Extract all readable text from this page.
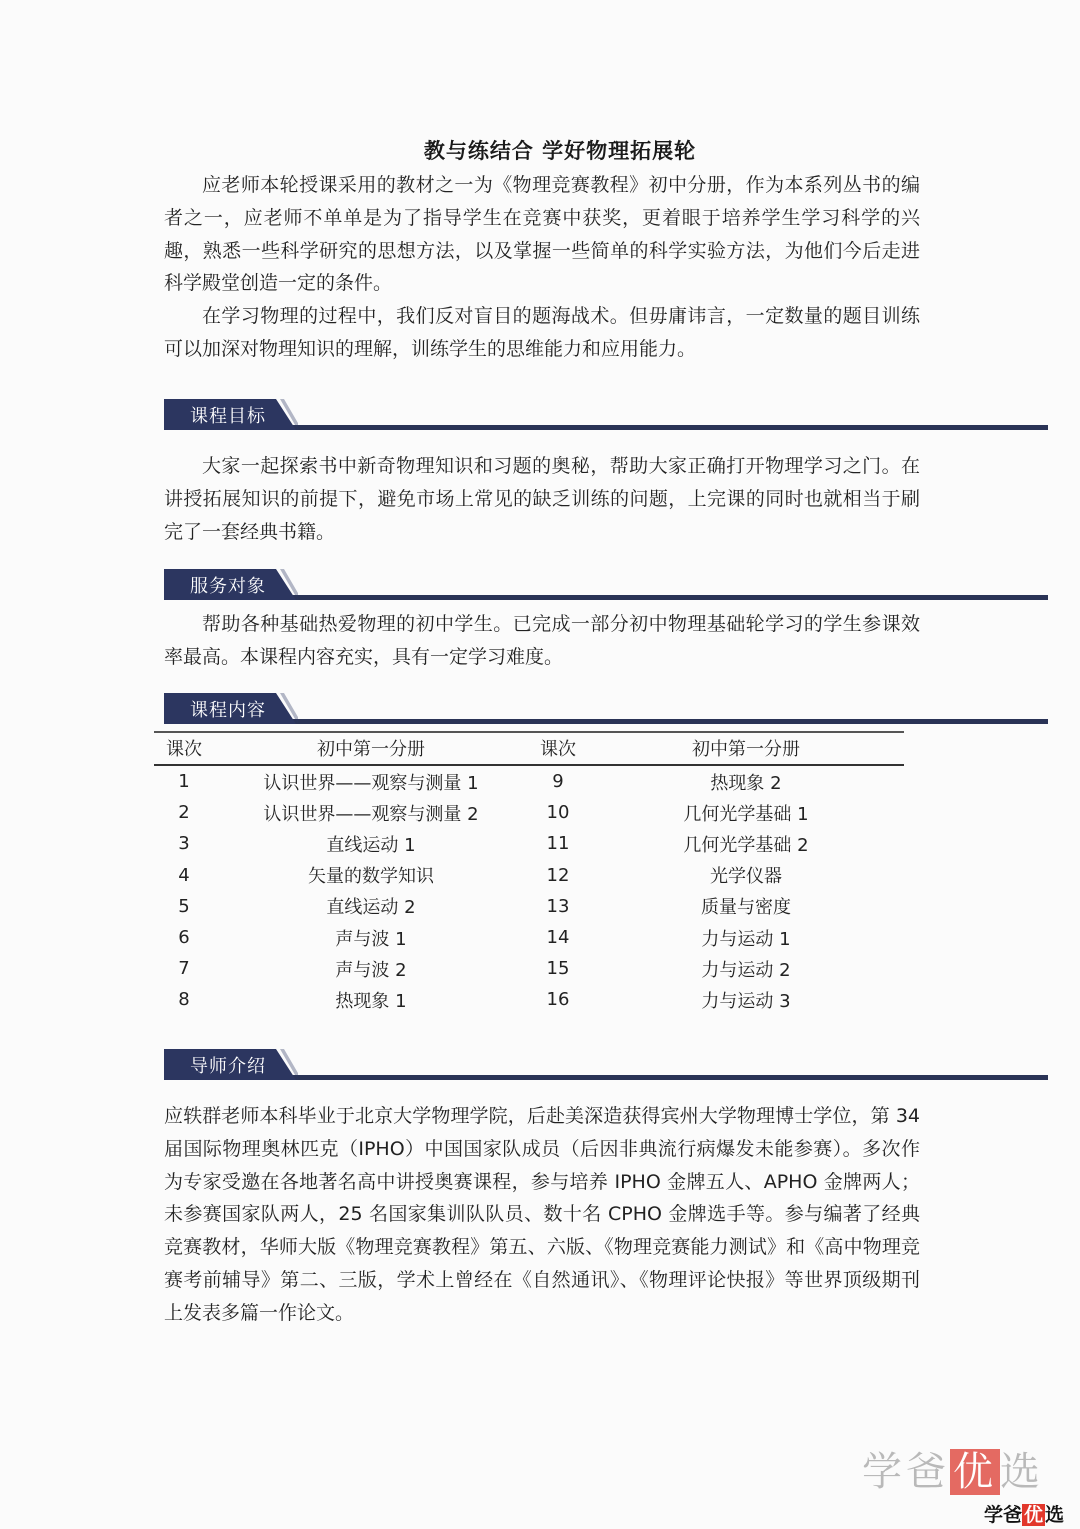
教与练结合 学好物理拓展轮

应老师本轮授课采用的教材之一为《物理竞赛教程》初中分册，作为本系列丛书的编者之一，应老师不单单是为了指导学生在竞赛中获奖，更着眼于培养学生学习科学的兴趣，熟悉一些科学研究的思想方法，以及掌握一些简单的科学实验方法，为他们今后走进科学殿堂创造一定的条件。

在学习物理的过程中，我们反对盲目的题海战术。但毋庸讳言，一定数量的题目训练可以加深对物理知识的理解，训练学生的思维能力和应用能力。

课程目标

大家一起探索书中新奇物理知识和习题的奥秘，帮助大家正确打开物理学习之门。在讲授拓展知识的前提下，避免市场上常见的缺乏训练的问题，上完课的同时也就相当于刷完了一套经典书籍。

服务对象

帮助各种基础热爱物理的初中学生。已完成一部分初中物理基础轮学习的学生参课效率最高。本课程内容充实，具有一定学习难度。

课程内容
课次	初中第一分册	课次	初中第一分册
1	认识世界——观察与测量 1	9	热现象 2
2	认识世界——观察与测量 2	10	几何光学基础 1
3	直线运动 1	11	几何光学基础 2
4	矢量的数学知识	12	光学仪器
5	直线运动 2	13	质量与密度
6	声与波 1	14	力与运动 1
7	声与波 2	15	力与运动 2
8	热现象 1	16	力与运动 3
导师介绍

应轶群老师本科毕业于北京大学物理学院，后赴美深造获得宾州大学物理博士学位，第 34 届国际物理奥林匹克（IPHO）中国国家队成员（后因非典流行病爆发未能参赛）。多次作为专家受邀在各地著名高中讲授奥赛课程，参与培养 IPHO 金牌五人、APHO 金牌两人；未参赛国家队两人，25 名国家集训队队员、数十名 CPHO 金牌选手等。参与编著了经典竞赛教材，华师大版《物理竞赛教程》第五、六版、《物理竞赛能力测试》和《高中物理竞赛考前辅导》第二、三版，学术上曾经在《自然通讯》、《物理评论快报》等世界顶级期刊上发表多篇一作论文。

学爸优选
学爸 优 选
